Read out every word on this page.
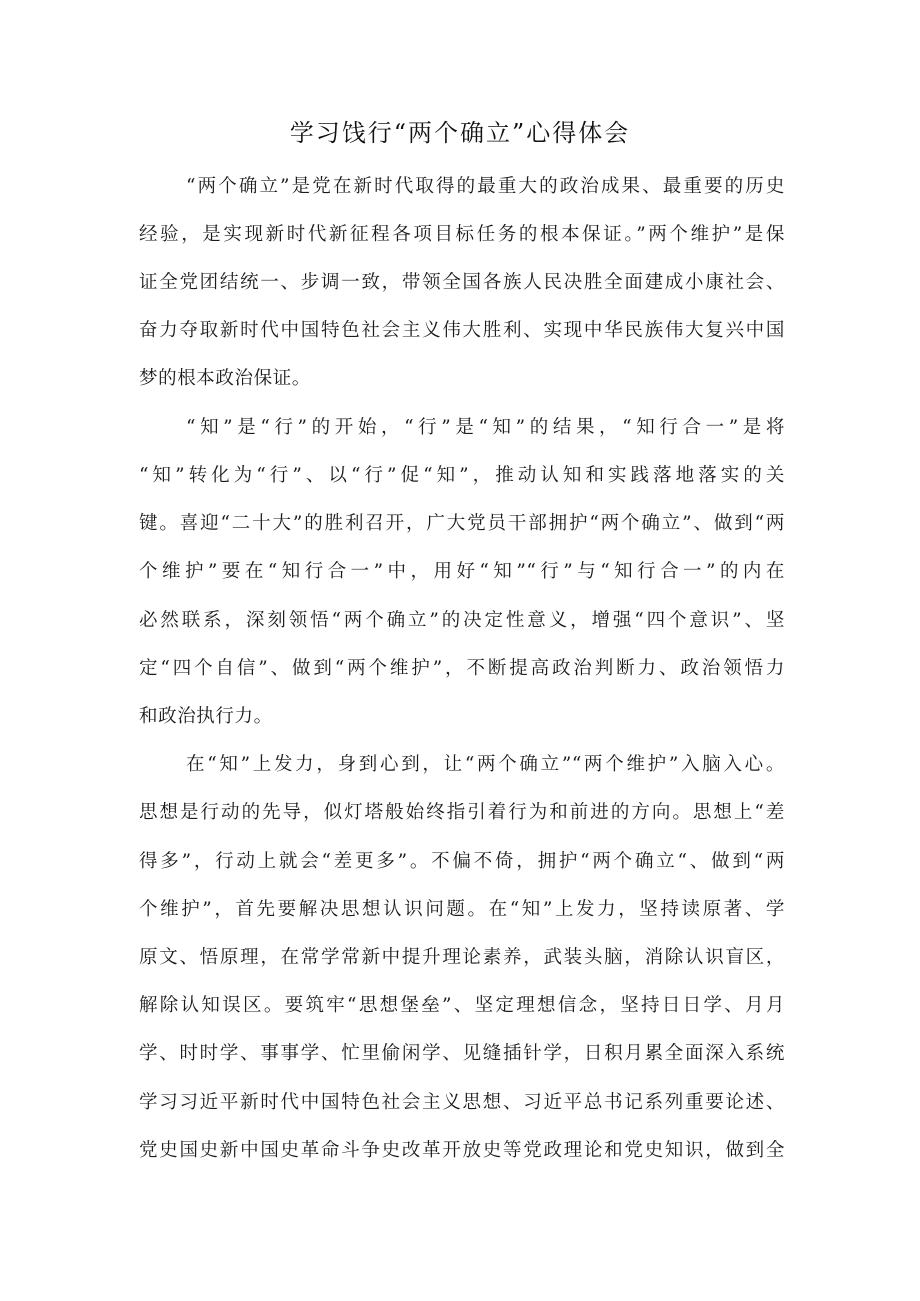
学习饯行“两个确立”心得体会
“两个确立”是党在新时代取得的最重大的政治成果、最重要的历史
经验，是实现新时代新征程各项目标任务的根本保证。”两个维护”是保
证全党团结统一、步调一致，带领全国各族人民决胜全面建成小康社会、
奋力夺取新时代中国特色社会主义伟大胜利、实现中华民族伟大复兴中国
梦的根本政治保证。
“知”是“行”的开始，“行”是“知”的结果，“知行合一”是将
“知”转化为“行”、以“行”促“知”，推动认知和实践落地落实的关
键。喜迎“二十大”的胜利召开，广大党员干部拥护“两个确立”、做到“两
个维护”要在“知行合一”中，用好“知”“行”与“知行合一”的内在
必然联系，深刻领悟“两个确立”的决定性意义，增强“四个意识”、坚
定“四个自信”、做到“两个维护”，不断提高政治判断力、政治领悟力
和政治执行力。
在“知”上发力，身到心到，让“两个确立”“两个维护”入脑入心。
思想是行动的先导，似灯塔般始终指引着行为和前进的方向。思想上“差
得多”，行动上就会“差更多”。不偏不倚，拥护“两个确立“、做到“两
个维护”，首先要解决思想认识问题。在“知”上发力，坚持读原著、学
原文、悟原理，在常学常新中提升理论素养，武装头脑，消除认识盲区，
解除认知误区。要筑牢“思想堡垒”、坚定理想信念，坚持日日学、月月
学、时时学、事事学、忙里偷闲学、见缝插针学，日积月累全面深入系统
学习习近平新时代中国特色社会主义思想、习近平总书记系列重要论述、
党史国史新中国史革命斗争史改革开放史等党政理论和党史知识，做到全
